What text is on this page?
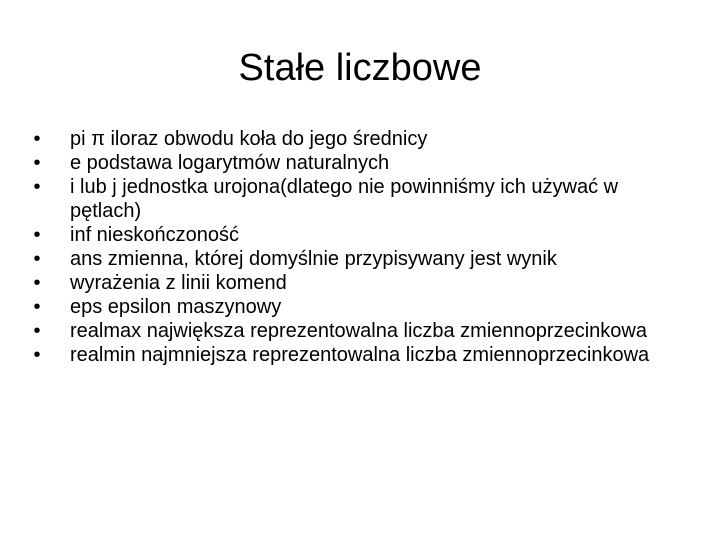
Stałe liczbowe
• pi π iloraz obwodu koła do jego średnicy
• e podstawa logarytmów naturalnych
• i lub j jednostka urojona(dlatego nie powinniśmy ich używać w pętlach)
• inf nieskończoność
• ans zmienna, której domyślnie przypisywany jest wynik
• wyrażenia z linii komend
• eps epsilon maszynowy
• realmax największa reprezentowalna liczba zmiennoprzecinkowa
• realmin najmniejsza reprezentowalna liczba zmiennoprzecinkowa
